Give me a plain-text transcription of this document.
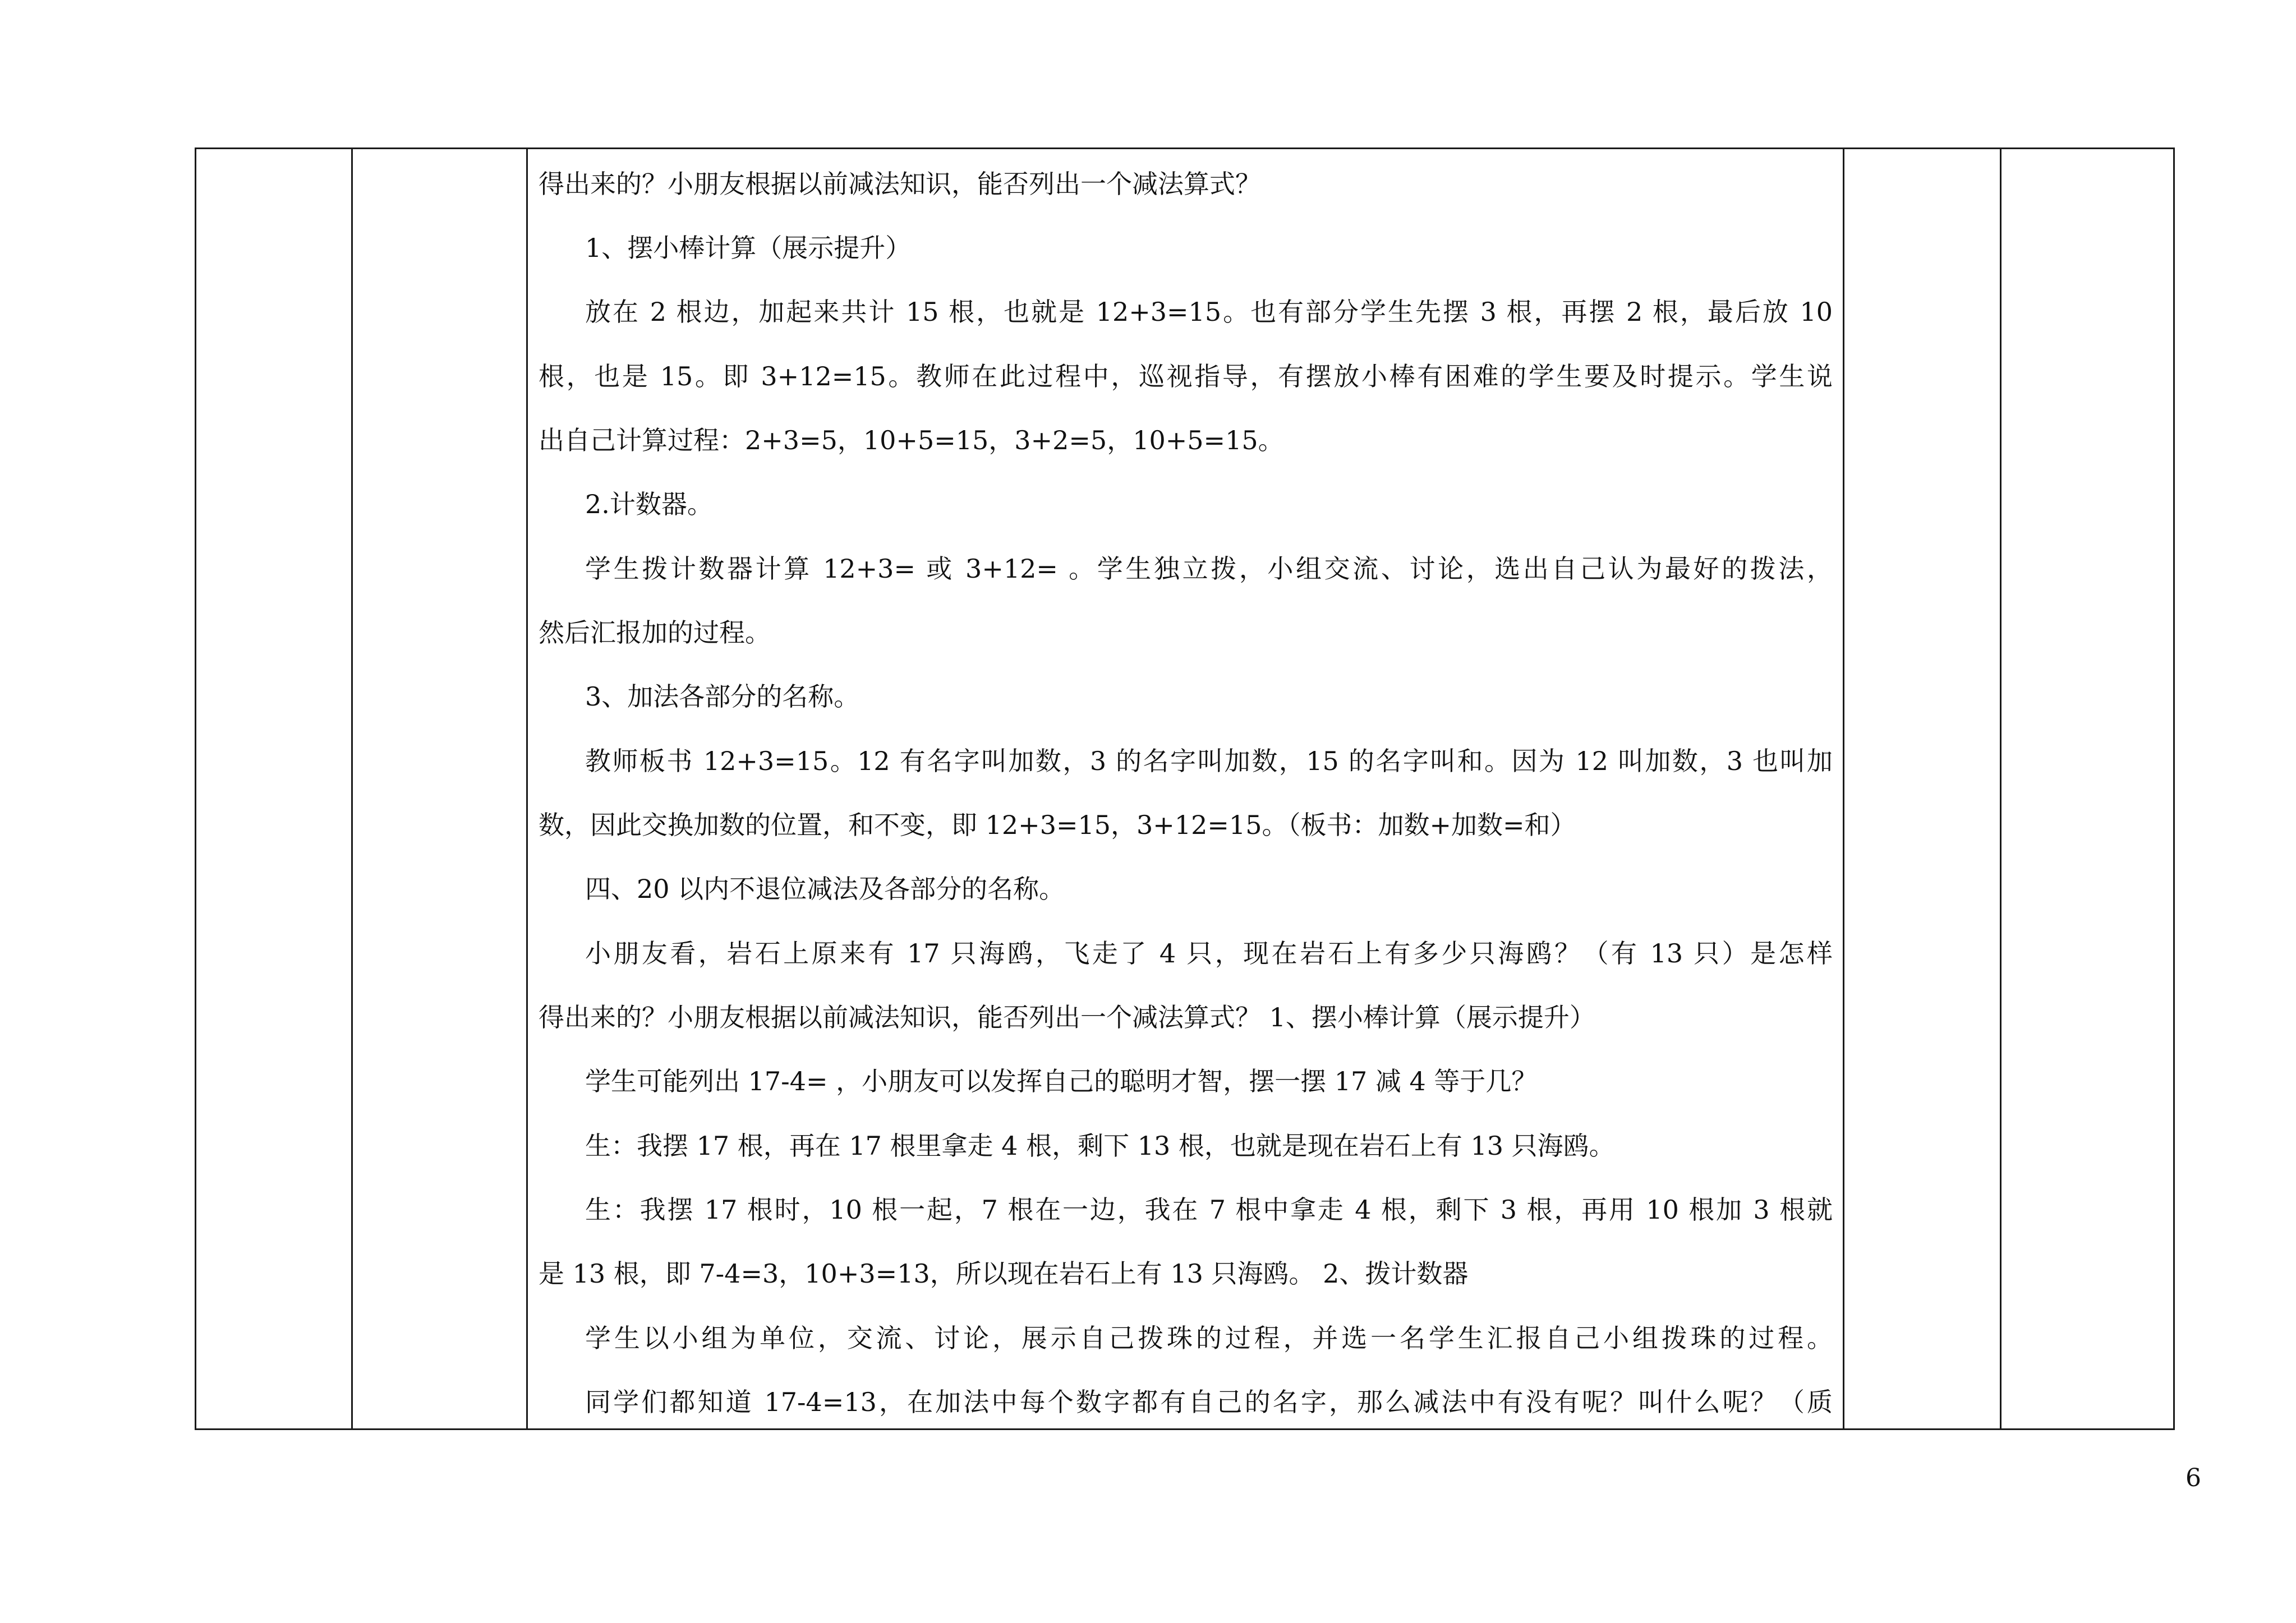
得出来的？小朋友根据以前减法知识，能否列出一个减法算式？
1、摆小棒计算（展示提升）
放在 2 根边，加起来共计 15 根，也就是 12+3=15。也有部分学生先摆 3 根，再摆 2 根，最后放 10
根，也是 15。即 3+12=15。教师在此过程中，巡视指导，有摆放小棒有困难的学生要及时提示。学生说
出自己计算过程：2+3=5，10+5=15，3+2=5，10+5=15。
2.计数器。
学生拨计数器计算 12+3= 或 3+12= 。学生独立拨，小组交流、讨论，选出自己认为最好的拨法，
然后汇报加的过程。
3、加法各部分的名称。
教师板书 12+3=15。12 有名字叫加数，3 的名字叫加数，15 的名字叫和。因为 12 叫加数，3 也叫加
数，因此交换加数的位置，和不变，即 12+3=15，3+12=15。（板书：加数+加数=和）
四、20 以内不退位减法及各部分的名称。
小朋友看，岩石上原来有 17 只海鸥，飞走了 4 只，现在岩石上有多少只海鸥？（有 13 只）是怎样
得出来的？小朋友根据以前减法知识，能否列出一个减法算式？ 1、摆小棒计算（展示提升）
学生可能列出 17-4= ，小朋友可以发挥自己的聪明才智，摆一摆 17 减 4 等于几？
生：我摆 17 根，再在 17 根里拿走 4 根，剩下 13 根，也就是现在岩石上有 13 只海鸥。
生：我摆 17 根时，10 根一起，7 根在一边，我在 7 根中拿走 4 根，剩下 3 根，再用 10 根加 3 根就
是 13 根，即 7-4=3，10+3=13，所以现在岩石上有 13 只海鸥。 2、拨计数器
学生以小组为单位，交流、讨论，展示自己拨珠的过程，并选一名学生汇报自己小组拨珠的过程。
同学们都知道 17-4=13，在加法中每个数字都有自己的名字，那么减法中有没有呢？叫什么呢？（质
6
